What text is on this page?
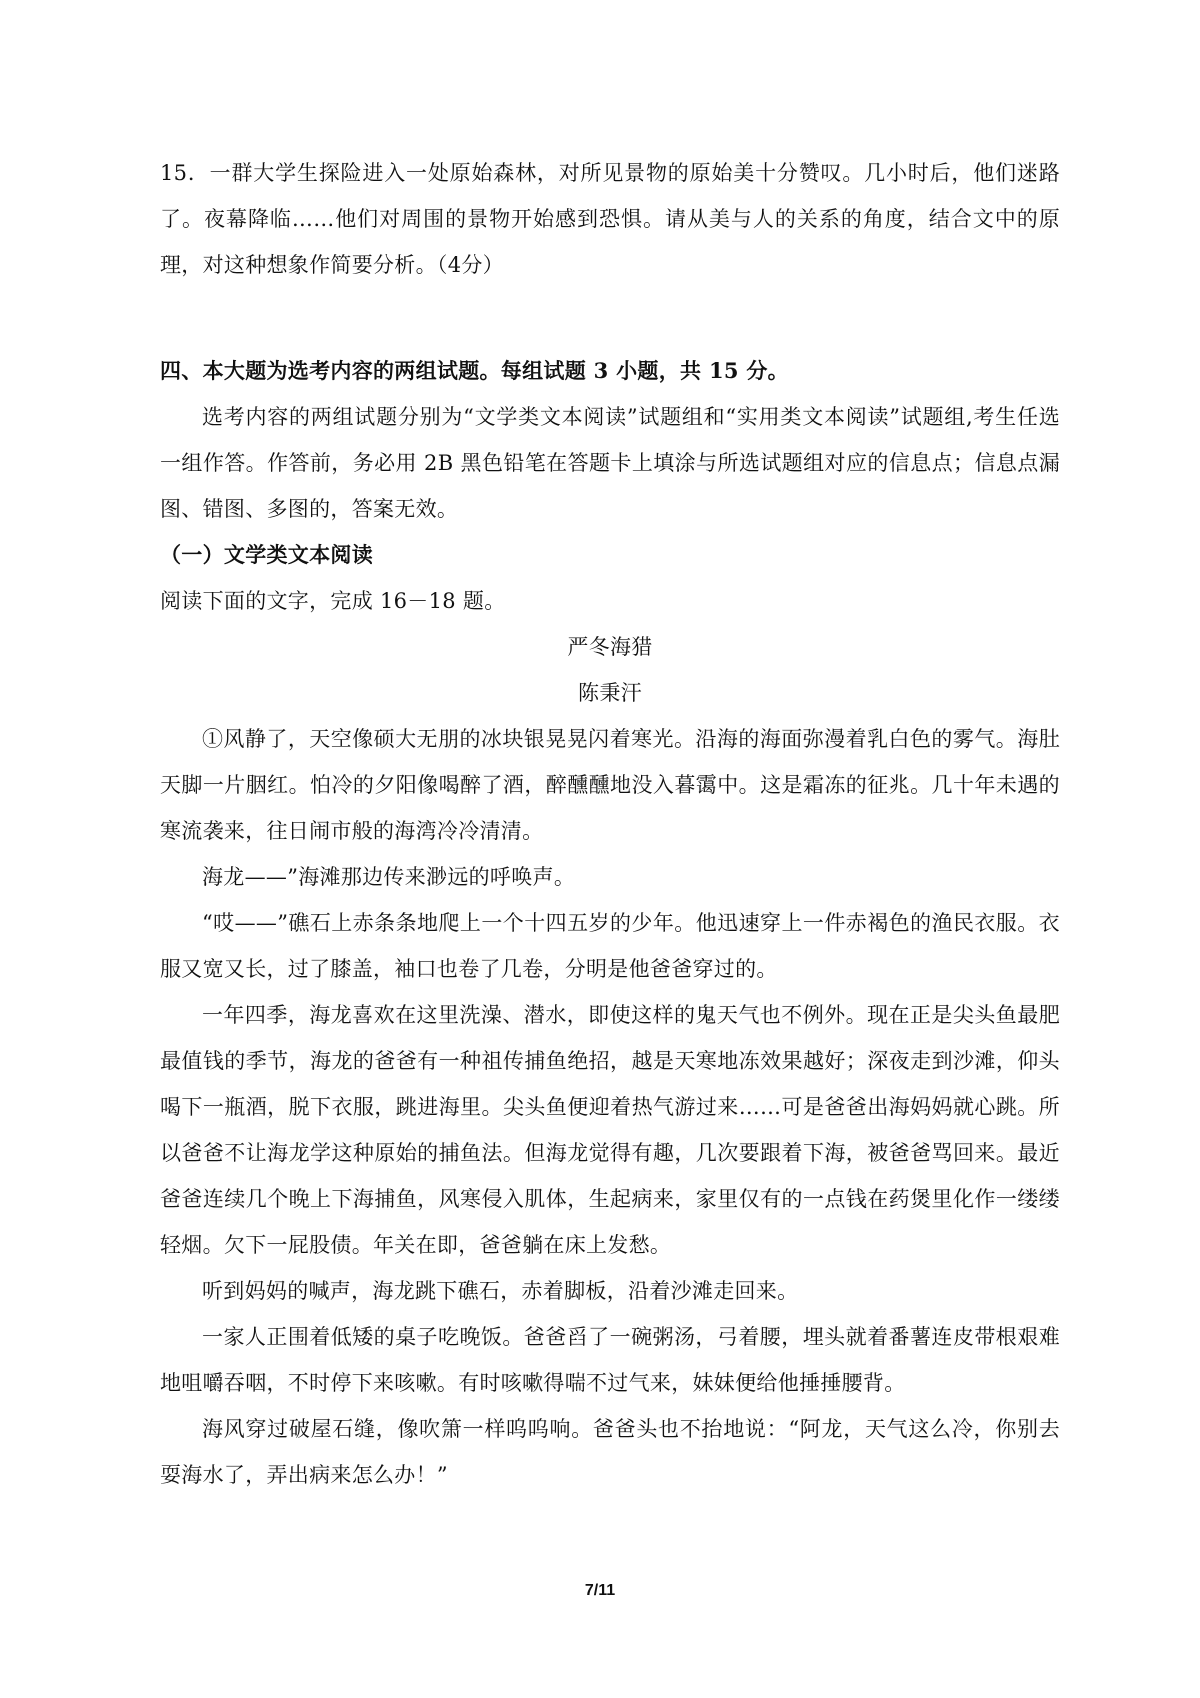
15．一群大学生探险进入一处原始森林，对所见景物的原始美十分赞叹。几小时后，他们迷路了。夜幕降临……他们对周围的景物开始感到恐惧。请从美与人的关系的角度，结合文中的原理，对这种想象作简要分析。（4分）

四、本大题为选考内容的两组试题。每组试题 3 小题，共 15 分。

选考内容的两组试题分别为“文学类文本阅读”试题组和“实用类文本阅读”试题组,考生任选一组作答。作答前，务必用 2B 黑色铅笔在答题卡上填涂与所选试题组对应的信息点；信息点漏图、错图、多图的，答案无效。

（一）文学类文本阅读

阅读下面的文字，完成 16－18 题。

严冬海猎

陈秉汗

①风静了，天空像硕大无朋的冰块银晃晃闪着寒光。沿海的海面弥漫着乳白色的雾气。海肚天脚一片胭红。怕冷的夕阳像喝醉了酒，醉醺醺地没入暮霭中。这是霜冻的征兆。几十年未遇的寒流袭来，往日闹市般的海湾冷冷清清。

海龙——”海滩那边传来渺远的呼唤声。

“哎——”礁石上赤条条地爬上一个十四五岁的少年。他迅速穿上一件赤褐色的渔民衣服。衣服又宽又长，过了膝盖，袖口也卷了几卷，分明是他爸爸穿过的。

一年四季，海龙喜欢在这里洗澡、潜水，即使这样的鬼天气也不例外。现在正是尖头鱼最肥最值钱的季节，海龙的爸爸有一种祖传捕鱼绝招，越是天寒地冻效果越好；深夜走到沙滩，仰头喝下一瓶酒，脱下衣服，跳进海里。尖头鱼便迎着热气游过来……可是爸爸出海妈妈就心跳。所以爸爸不让海龙学这种原始的捕鱼法。但海龙觉得有趣，几次要跟着下海，被爸爸骂回来。最近爸爸连续几个晚上下海捕鱼，风寒侵入肌体，生起病来，家里仅有的一点钱在药煲里化作一缕缕轻烟。欠下一屁股债。年关在即，爸爸躺在床上发愁。

听到妈妈的喊声，海龙跳下礁石，赤着脚板，沿着沙滩走回来。

一家人正围着低矮的桌子吃晚饭。爸爸舀了一碗粥汤，弓着腰，埋头就着番薯连皮带根艰难地咀嚼吞咽，不时停下来咳嗽。有时咳嗽得喘不过气来，妹妹便给他捶捶腰背。

海风穿过破屋石缝，像吹箫一样呜呜响。爸爸头也不抬地说：“阿龙，天气这么冷，你别去耍海水了，弄出病来怎么办！”

7/11
